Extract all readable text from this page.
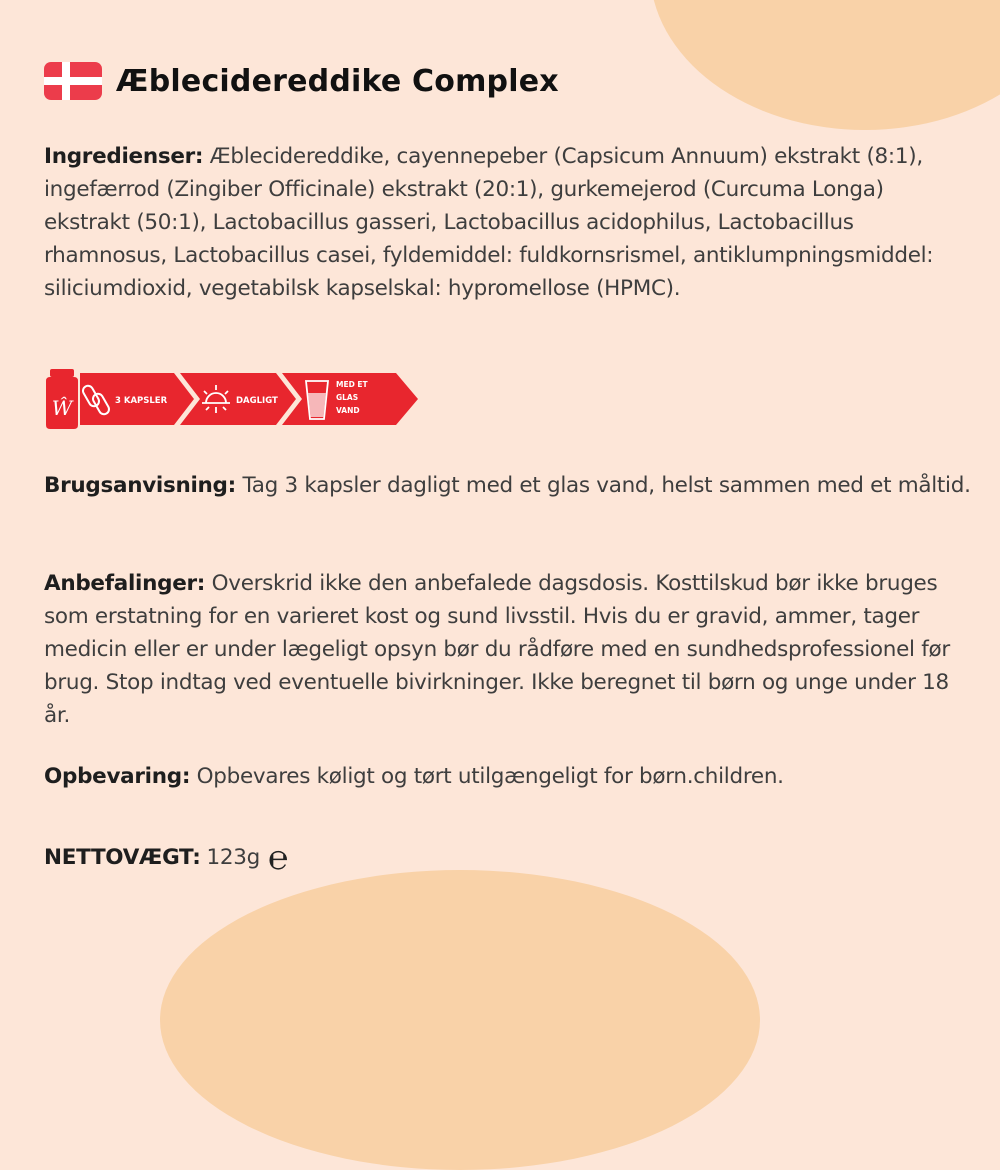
Æblecidereddike Complex
Ingredienser: Æblecidereddike, cayennepeber (Capsicum Annuum) ekstrakt (8:1), ingefærrod (Zingiber Officinale) ekstrakt (20:1), gurkemejerod (Curcuma Longa) ekstrakt (50:1), Lactobacillus gasseri, Lactobacillus acidophilus, Lactobacillus rhamnosus, Lactobacillus casei, fyldemiddel: fuldkornsrismel, antiklumpningsmiddel: siliciumdioxid, vegetabilsk kapselskal: hypromellose (HPMC).
Ŵ	3 KAPSLER	DAGLIGT
MED ET
GLAS
VAND
Brugsanvisning: Tag 3 kapsler dagligt med et glas vand, helst sammen med et måltid.
Anbefalinger: Overskrid ikke den anbefalede dagsdosis. Kosttilskud bør ikke bruges som erstatning for en varieret kost og sund livsstil. Hvis du er gravid, ammer, tager medicin eller er under lægeligt opsyn bør du rådføre med en sundhedsprofessionel før brug. Stop indtag ved eventuelle bivirkninger. Ikke beregnet til børn og unge under 18 år.
Opbevaring: Opbevares køligt og tørt utilgængeligt for børn.children.
NETTOVÆGT: 123g ℮
